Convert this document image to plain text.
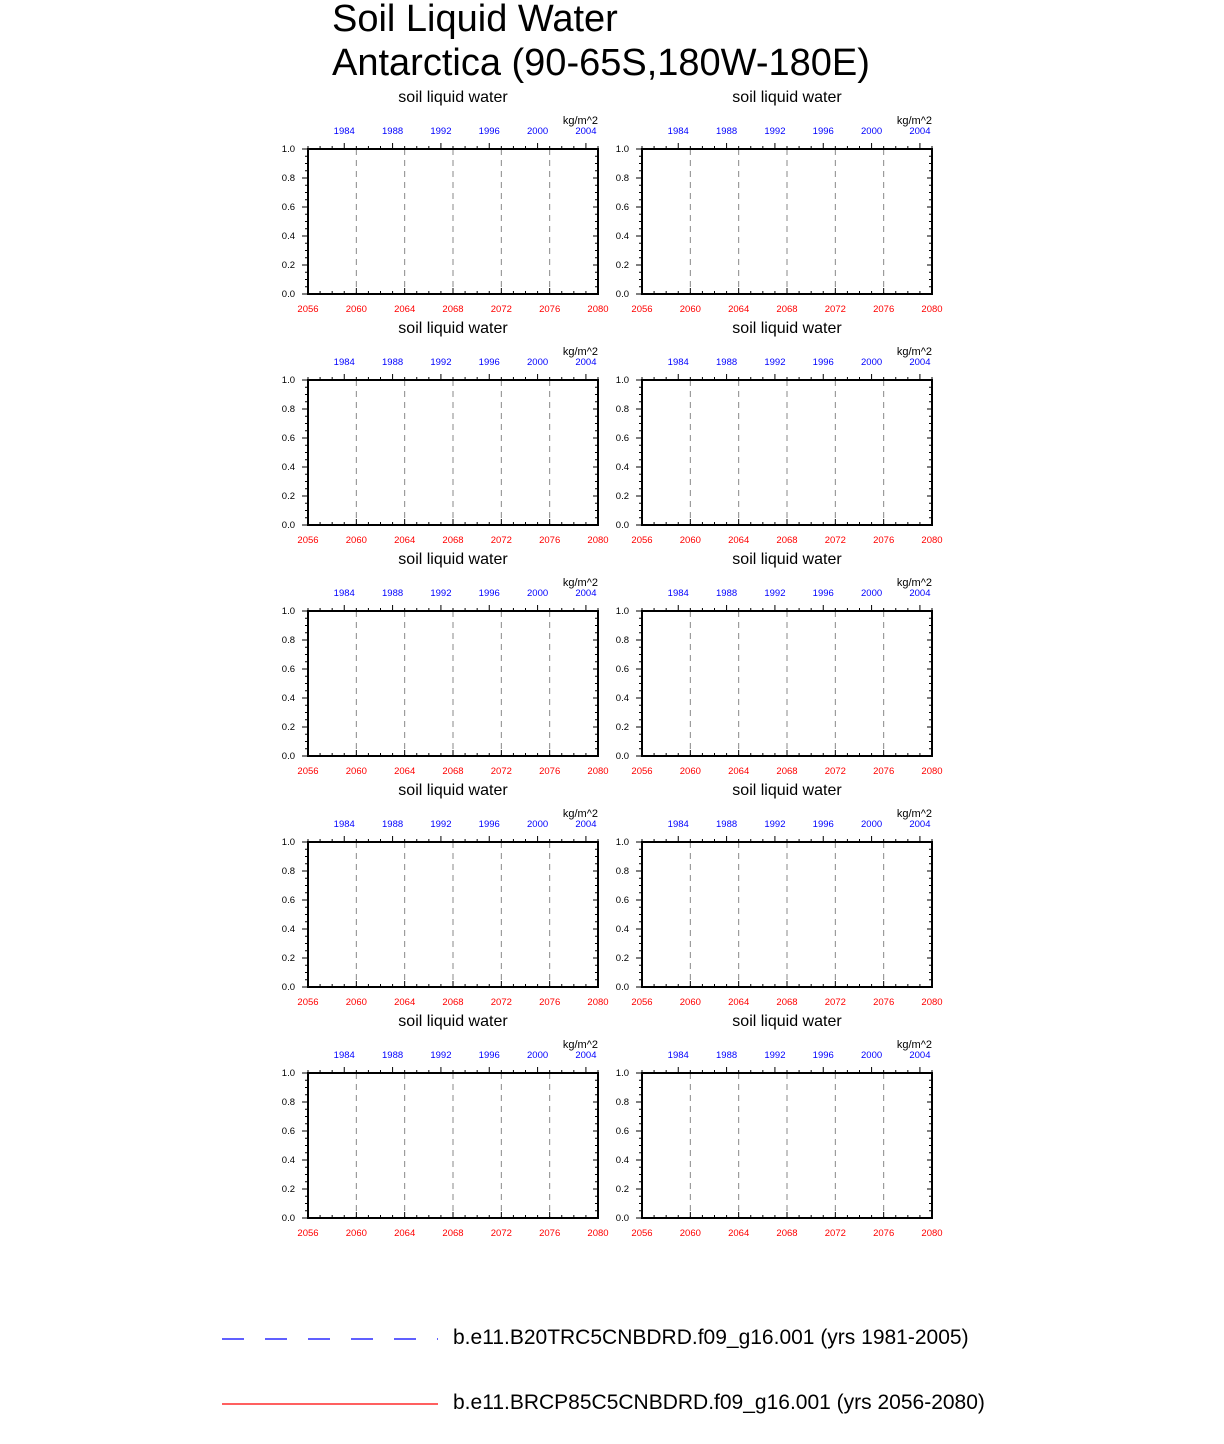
Soil Liquid Water
Antarctica (90-65S,180W-180E)
soil liquid water
kg/m^2
2056	2060	2064	2068	2072	2076	2080
1984	1988	1992	1996	2000	2004
0.0
0.2
0.4
0.6
0.8
1.0
soil liquid water
kg/m^2
2056	2060	2064	2068	2072	2076	2080
1984	1988	1992	1996	2000	2004
0.0
0.2
0.4
0.6
0.8
1.0
soil liquid water
kg/m^2
2056	2060	2064	2068	2072	2076	2080
1984	1988	1992	1996	2000	2004
0.0
0.2
0.4
0.6
0.8
1.0
soil liquid water
kg/m^2
2056	2060	2064	2068	2072	2076	2080
1984	1988	1992	1996	2000	2004
0.0
0.2
0.4
0.6
0.8
1.0
soil liquid water
kg/m^2
2056	2060	2064	2068	2072	2076	2080
1984	1988	1992	1996	2000	2004
0.0
0.2
0.4
0.6
0.8
1.0
soil liquid water
kg/m^2
2056	2060	2064	2068	2072	2076	2080
1984	1988	1992	1996	2000	2004
0.0
0.2
0.4
0.6
0.8
1.0
soil liquid water
kg/m^2
2056	2060	2064	2068	2072	2076	2080
1984	1988	1992	1996	2000	2004
0.0
0.2
0.4
0.6
0.8
1.0
soil liquid water
kg/m^2
2056	2060	2064	2068	2072	2076	2080
1984	1988	1992	1996	2000	2004
0.0
0.2
0.4
0.6
0.8
1.0
soil liquid water
kg/m^2
2056	2060	2064	2068	2072	2076	2080
1984	1988	1992	1996	2000	2004
0.0
0.2
0.4
0.6
0.8
1.0
soil liquid water
kg/m^2
2056	2060	2064	2068	2072	2076	2080
1984	1988	1992	1996	2000	2004
0.0
0.2
0.4
0.6
0.8
1.0
b.e11.B20TRC5CNBDRD.f09_g16.001 (yrs 1981-2005)
b.e11.BRCP85C5CNBDRD.f09_g16.001 (yrs 2056-2080)
